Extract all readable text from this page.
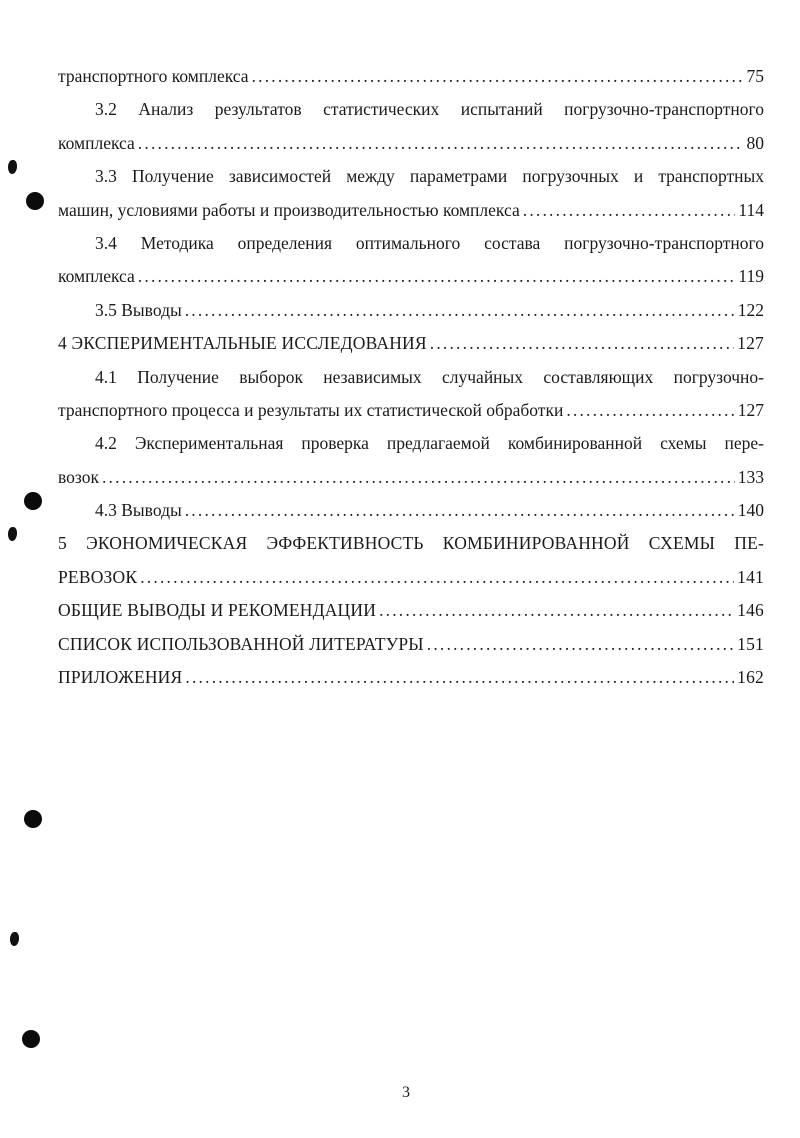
транспортного комплекса .....	75
3.2 Анализ результатов статистических испытаний погрузочно-транспортного
комплекса .....	80
3.3 Получение зависимостей между параметрами погрузочных и транспортных
машин, условиями работы и производительностью комплекса .....	114
3.4 Методика определения оптимального состава погрузочно-транспортного
комплекса .....	119
3.5 Выводы .....	122
4 ЭКСПЕРИМЕНТАЛЬНЫЕ ИССЛЕДОВАНИЯ .....	127
4.1 Получение выборок независимых случайных составляющих погрузочно-
транспортного процесса и результаты их статистической обработки .....	127
4.2 Экспериментальная проверка предлагаемой комбинированной схемы пере-
возок .....	133
4.3 Выводы .....	140
5 ЭКОНОМИЧЕСКАЯ ЭФФЕКТИВНОСТЬ КОМБИНИРОВАННОЙ СХЕМЫ ПЕ-
РЕВОЗОК .....	141
ОБЩИЕ ВЫВОДЫ И РЕКОМЕНДАЦИИ .....	146
СПИСОК ИСПОЛЬЗОВАННОЙ ЛИТЕРАТУРЫ .....	151
ПРИЛОЖЕНИЯ .....	162
3
